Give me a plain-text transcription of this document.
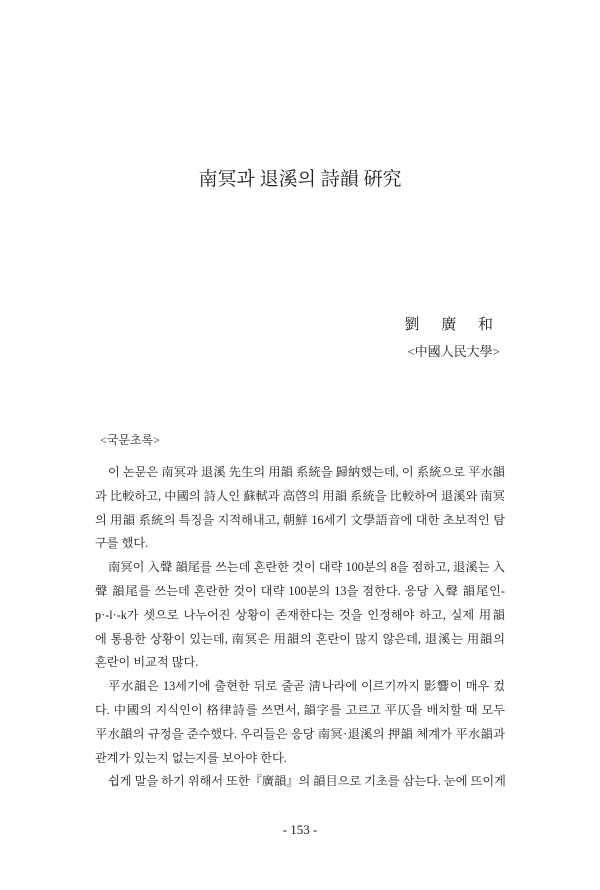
南冥과 退溪의 詩韻 硏究
劉 廣 和
<中國人民大學>
<국문초록>
이 논문은 南冥과 退溪 先生의 用韻 系統을 歸納했는데, 이 系統으로 平水韻
과 比較하고, 中國의 詩人인 蘇軾과 高啓의 用韻 系統을 比較하여 退溪와 南冥
의 用韻 系統의 특징을 지적해내고, 朝鮮 16세기 文學語音에 대한 초보적인 탐
구를 했다.
南冥이 入聲 韻尾를 쓰는데 혼란한 것이 대략 100분의 8을 점하고, 退溪는 入
聲 韻尾를 쓰는데 혼란한 것이 대략 100분의 13을 점한다. 응당 入聲 韻尾인-
p·-l·-k가 셋으로 나누어진 상황이 존재한다는 것을 인정해야 하고, 실제 用韻
에 통용한 상황이 있는데, 南冥은 用韻의 혼란이 많지 않은데, 退溪는 用韻의
혼란이 비교적 많다.
平水韻은 13세기에 출현한 뒤로 줄곧 淸나라에 이르기까지 影響이 매우 컸
다. 中國의 지식인이 格律詩를 쓰면서, 韻字를 고르고 平仄을 배치할 때 모두
平水韻의 규정을 준수했다. 우리들은 응당 南冥·退溪의 押韻 체계가 平水韻과
관계가 있는지 없는지를 보아야 한다.
쉽게 말을 하기 위해서 또한『廣韻』의 韻目으로 기초를 삼는다. 눈에 뜨이게
- 153 -
